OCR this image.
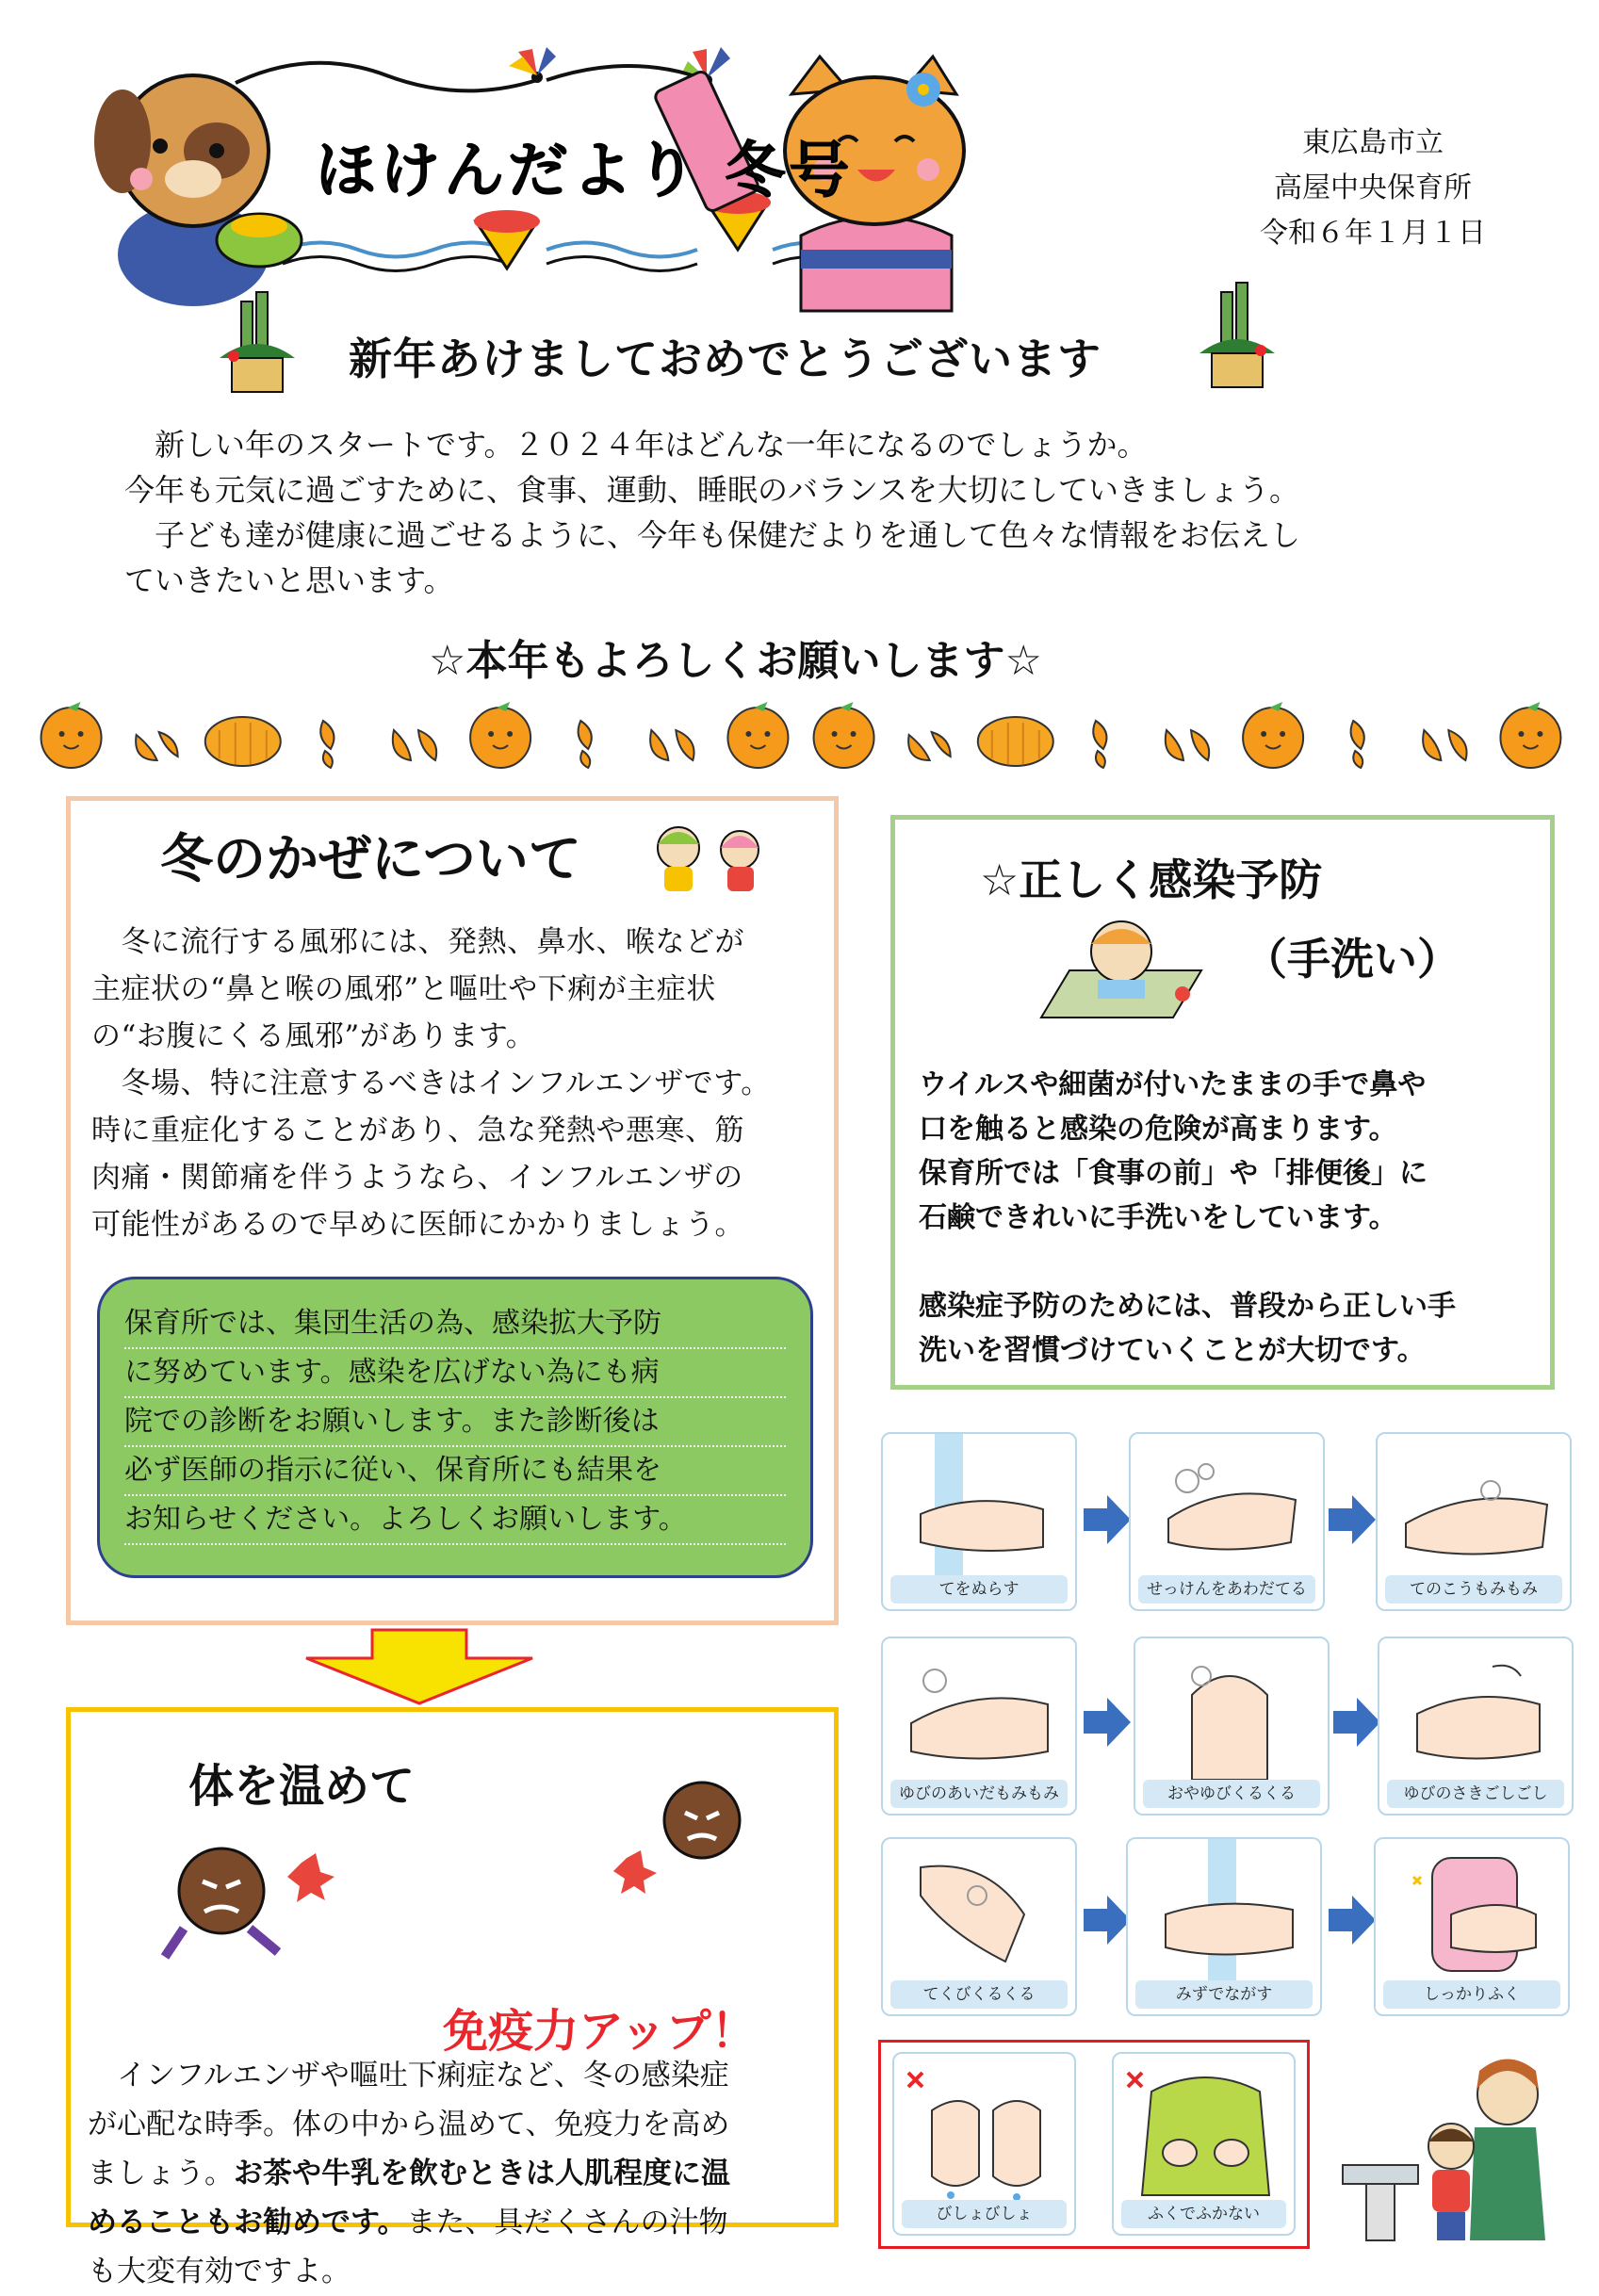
ほけんだより 冬号	東広島市立
高屋中央保育所
令和６年１月１日
新年あけましておめでとうございます

　新しい年のスタートです。２０２４年はどんな一年になるのでしょうか。

今年も元気に過ごすために、食事、運動、睡眠のバランスを大切にしていきましょう。

　子ども達が健康に過ごせるように、今年も保健だよりを通して色々な情報をお伝えし

ていきたいと思います。

☆本年もよろしくお願いします☆
冬のかぜについて

　冬に流行する風邪には、発熱、鼻水、喉などが

主症状の“鼻と喉の風邪”と嘔吐や下痢が主症状

の“お腹にくる風邪”があります。

　冬場、特に注意するべきはインフルエンザです。

時に重症化することがあり、急な発熱や悪寒、筋

肉痛・関節痛を伴うようなら、インフルエンザの

可能性があるので早めに医師にかかりましょう。

保育所では、集団生活の為、感染拡大予防

に努めています。感染を広げない為にも病

院での診断をお願いします。また診断後は

必ず医師の指示に従い、保育所にも結果を

お知らせください。よろしくお願いします。

体を温めて
免疫力アップ！

　インフルエンザや嘔吐下痢症など、冬の感染症

が心配な時季。体の中から温めて、免疫力を高め

ましょう。お茶や牛乳を飲むときは人肌程度に温

めることもお勧めです。また、具だくさんの汁物

も大変有効ですよ。

☆正しく感染予防
（手洗い）

ウイルスや細菌が付いたままの手で鼻や

口を触ると感染の危険が高まります。

保育所では「食事の前」や「排便後」に

石鹸できれいに手洗いをしています。

感染症予防のためには、普段から正しい手

洗いを習慣づけていくことが大切です。

てをぬらす	せっけんをあわだてる	てのこうもみもみ
ゆびのあいだもみもみ	おやゆびくるくる	ゆびのさきごしごし
てくびくるくる	みずでながす	しっかりふく
びしょびしょ	ふくでふかない
